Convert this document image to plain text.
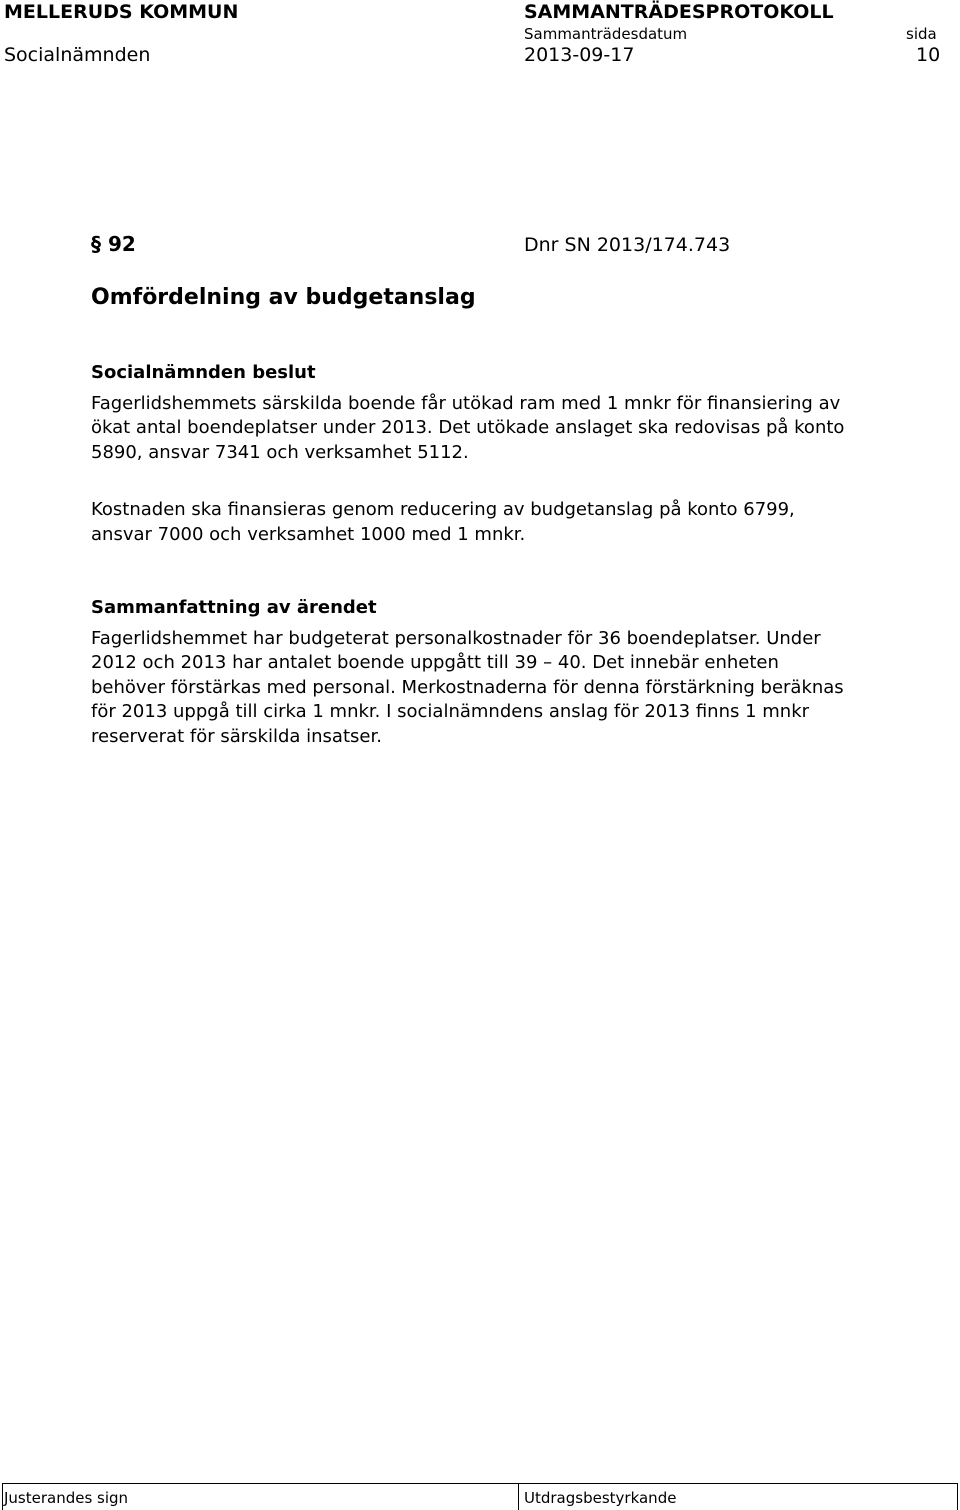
MELLERUDS KOMMUN	SAMMANTRÄDESPROTOKOLL
Sammanträdesdatum	sida
Socialnämnden	2013-09-17	10
§ 92	Dnr SN 2013/174.743
Omfördelning av budgetanslag
Socialnämnden beslut
Fagerlidshemmets särskilda boende får utökad ram med 1 mnkr för finansiering av
ökat antal boendeplatser under 2013. Det utökade anslaget ska redovisas på konto
5890, ansvar 7341 och verksamhet 5112.
Kostnaden ska finansieras genom reducering av budgetanslag på konto 6799,
ansvar 7000 och verksamhet 1000 med 1 mnkr.
Sammanfattning av ärendet
Fagerlidshemmet har budgeterat personalkostnader för 36 boendeplatser. Under
2012 och 2013 har antalet boende uppgått till 39 – 40. Det innebär enheten
behöver förstärkas med personal. Merkostnaderna för denna förstärkning beräknas
för 2013 uppgå till cirka 1 mnkr. I socialnämndens anslag för 2013 finns 1 mnkr
reserverat för särskilda insatser.
Justerandes sign	Utdragsbestyrkande
